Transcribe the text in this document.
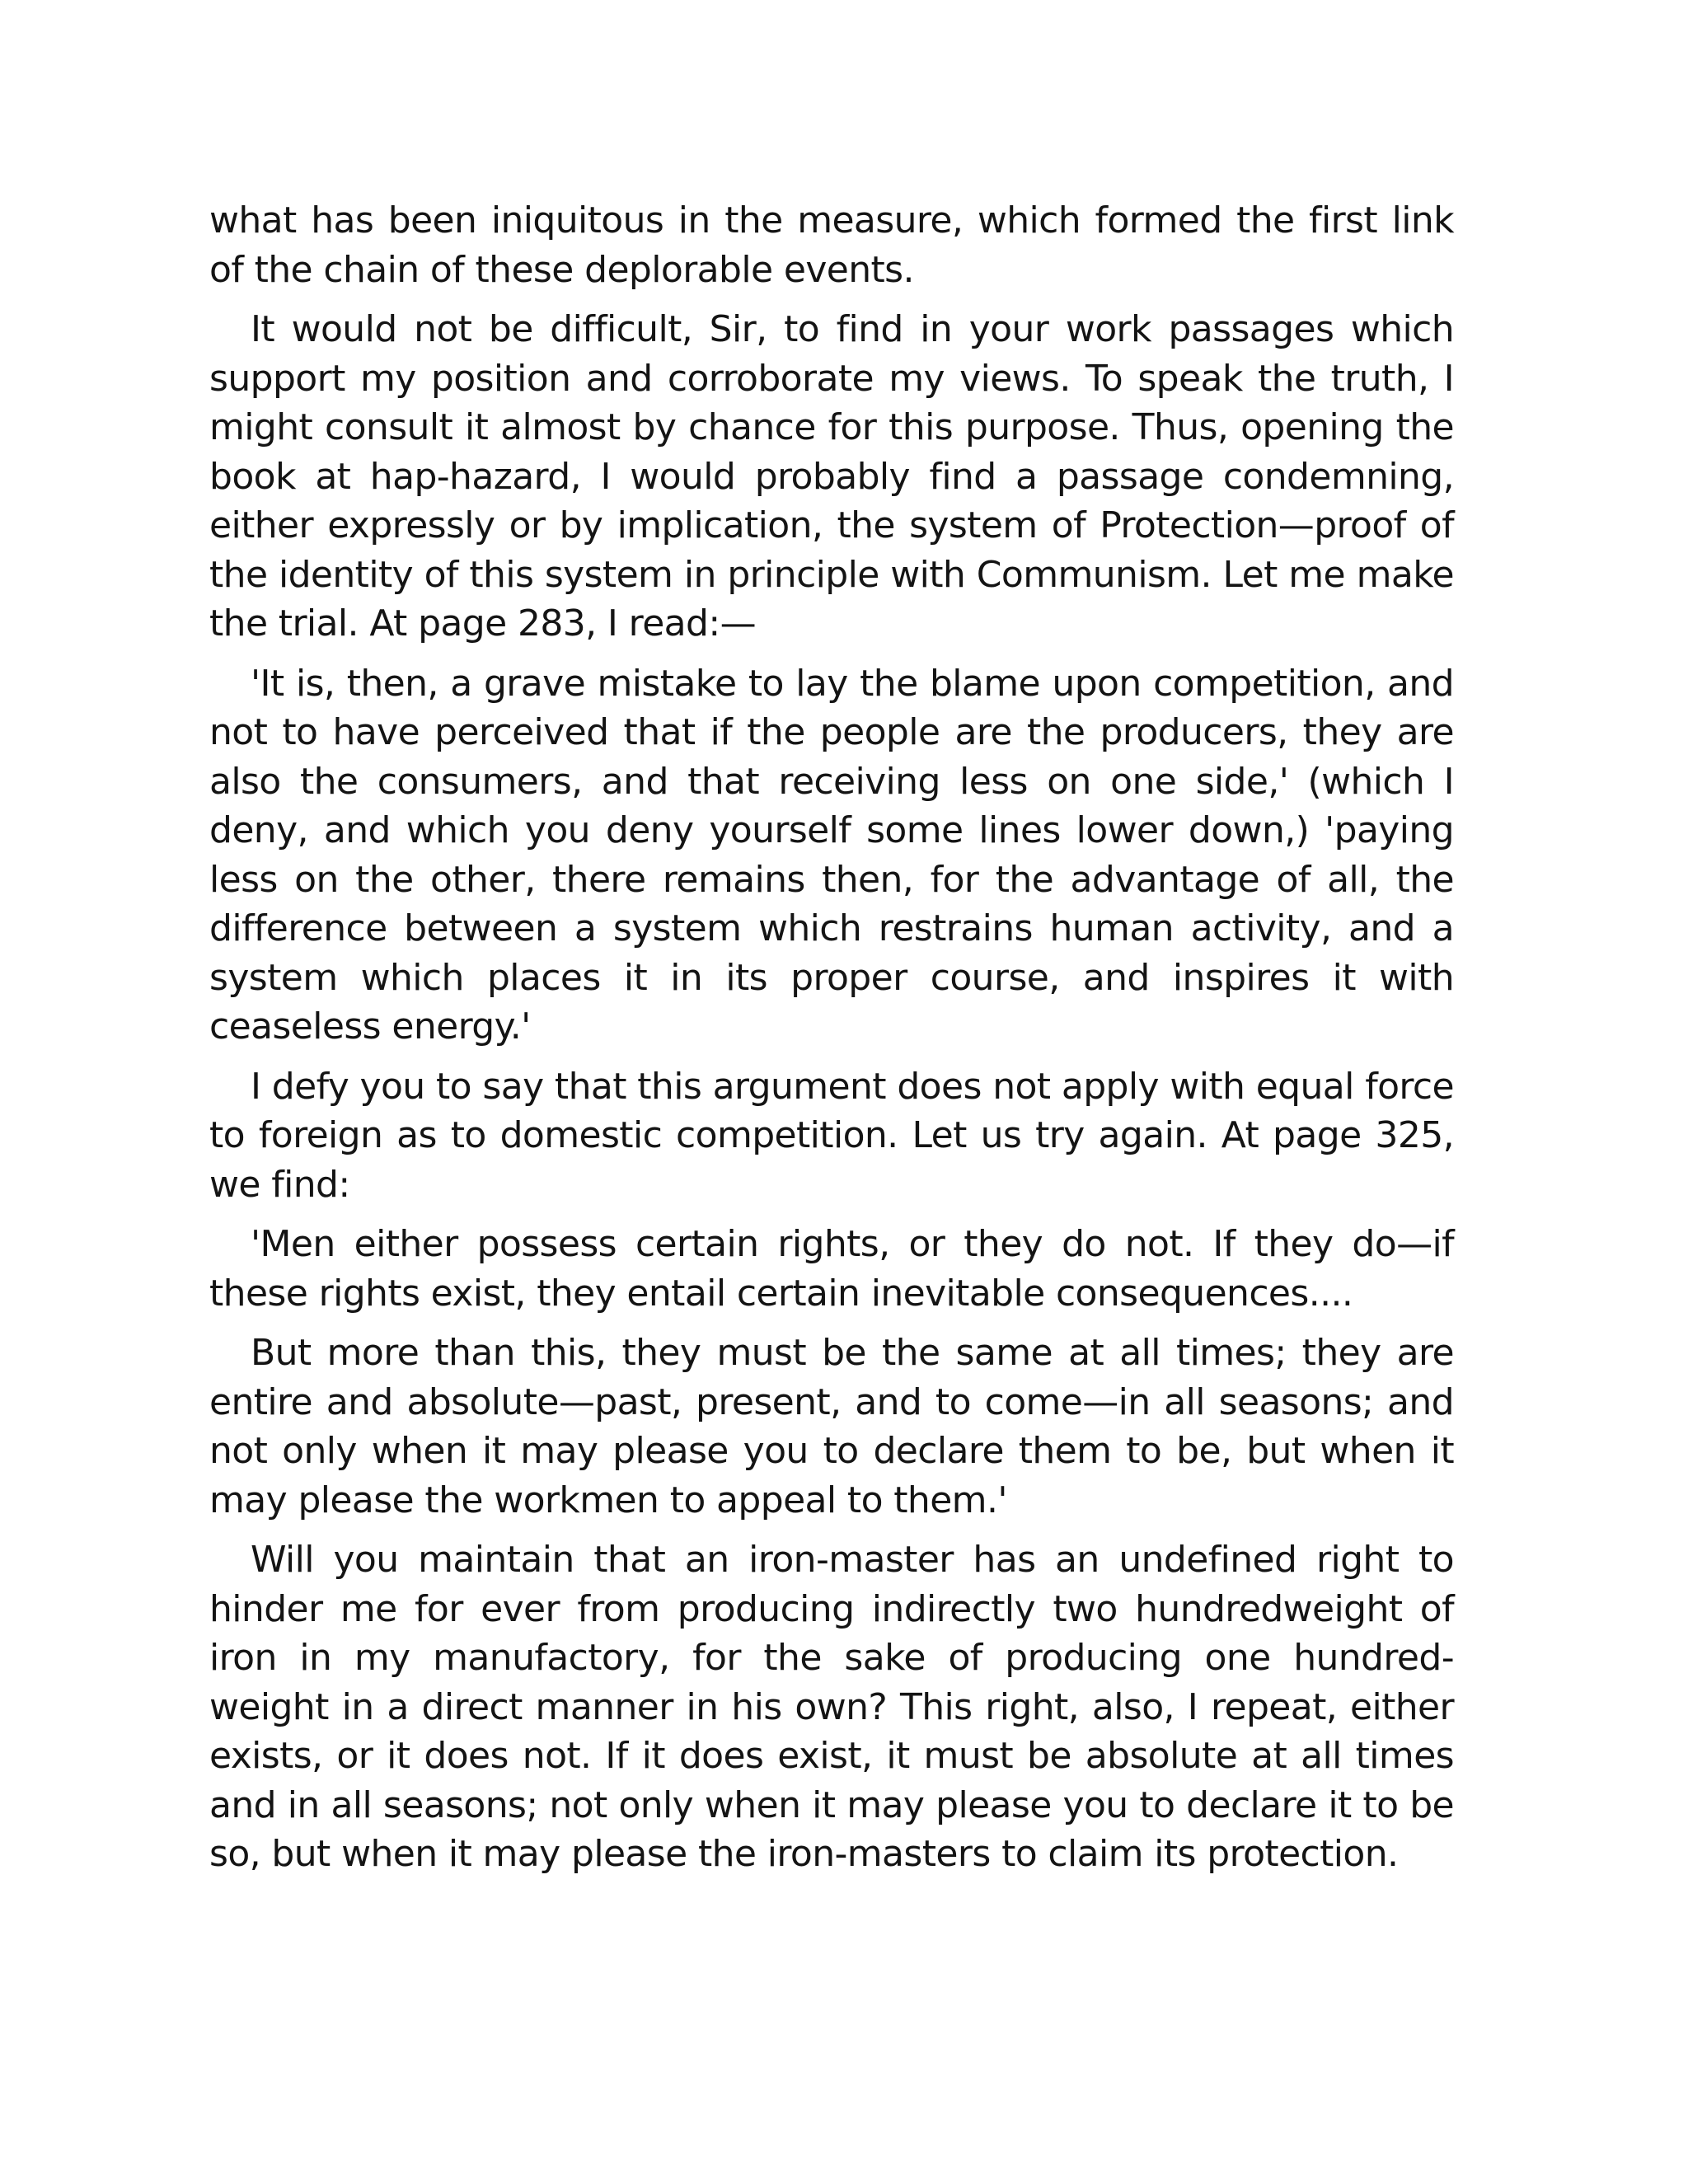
what has been iniquitous in the measure, which formed the first link of the chain of these deplorable events.

It would not be difficult, Sir, to find in your work passages which support my position and corroborate my views. To speak the truth, I might consult it almost by chance for this purpose. Thus, opening the book at hap-hazard, I would probably find a passage condemning, either expressly or by implication, the system of Protection—proof of the identity of this system in principle with Communism. Let me make the trial. At page 283, I read:—

'It is, then, a grave mistake to lay the blame upon competition, and not to have perceived that if the people are the producers, they are also the consumers, and that receiving less on one side,' (which I deny, and which you deny yourself some lines lower down,) 'paying less on the other, there remains then, for the advantage of all, the difference between a system which restrains human activity, and a system which places it in its proper course, and inspires it with ceaseless energy.'

I defy you to say that this argument does not apply with equal force to foreign as to domestic competition. Let us try again. At page 325, we find:

'Men either possess certain rights, or they do not. If they do—if these rights exist, they entail certain inevitable consequences....

But more than this, they must be the same at all times; they are entire and absolute—past, present, and to come—in all seasons; and not only when it may please you to declare them to be, but when it may please the workmen to appeal to them.'

Will you maintain that an iron-master has an undefined right to hinder me for ever from producing indirectly two hundredweight of iron in my manufactory, for the sake of producing one hundred-weight in a direct manner in his own? This right, also, I repeat, either exists, or it does not. If it does exist, it must be absolute at all times and in all seasons; not only when it may please you to declare it to be so, but when it may please the iron-masters to claim its protection.
